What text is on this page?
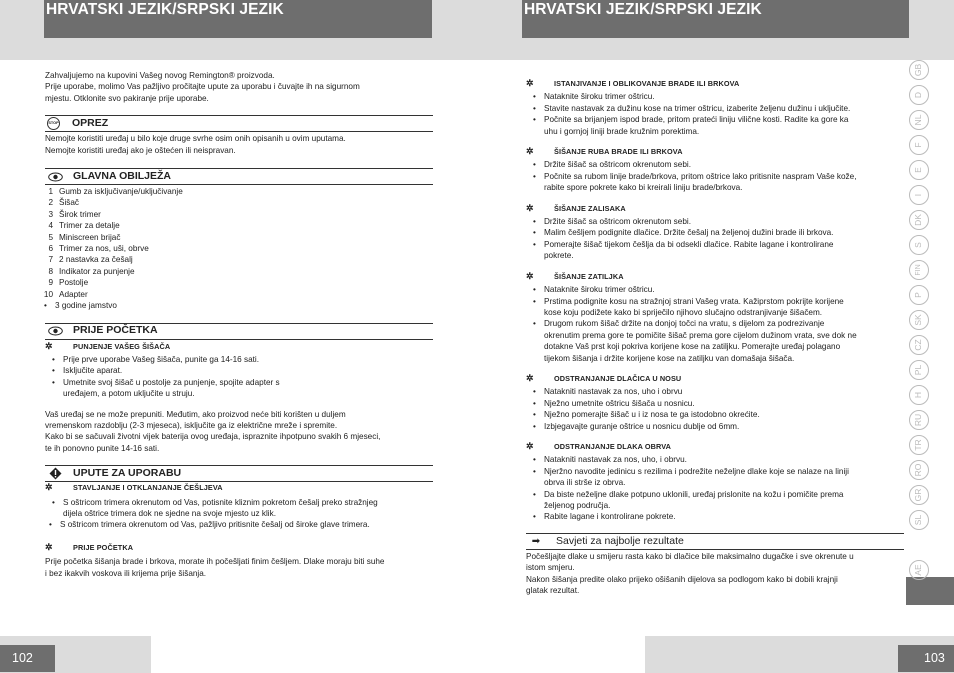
HRVATSKI JEZIK/SRPSKI JEZIK

Zahvaljujemo na kupovini Vašeg novog Remington® proizvoda.

Prije uporabe, molimo Vas pažljivo pročitajte upute za uporabu i čuvajte ih na sigurnom

mjestu. Otklonite svo pakiranje prije uporabe.

STOP OPREZ

Nemojte koristiti uređaj u bilo koje druge svrhe osim onih opisanih u ovim uputama.

Nemojte koristiti uređaj ako je oštećen ili neispravan.

GLAVNA OBILJEŽA
1 Gumb za isključivanje/uključivanje
2 Šišač
3 Širok trimer
4 Trimer za detalje
5 Miniscreen brijač
6 Trimer za nos, uši, obrve
7 2 nastavka za češalj
8 Indikator za punjenje
9 Postolje
10 Adapter
• 3 godine jamstvo
PRIJE POČETKA
✲	PUNJENJE VAŠEG ŠIŠAČA
• Prije prve uporabe Vašeg šišača, punite ga 14-16 sati.
• Isključite aparat.
• Umetnite svoj šišač u postolje za punjenje, spojite adapter s

uređajem, a potom uključite u struju.

Vaš uređaj se ne može prepuniti. Međutim, ako proizvod neće biti korišten u duljem

vremenskom razdoblju (2-3 mjeseca), isključite ga iz električne mreže i spremite.

Kako bi se sačuvali životni vijek baterija ovog uređaja, ispraznite ihpotpuno svakih 6 mjeseci,

te ih ponovno punite 14-16 sati.

UPUTE ZA UPORABU
✲	STAVLJANJE I OTKLANJANJE ČEŠLJEVA
• S oštricom trimera okrenutom od Vas, potisnite kliznim pokretom češalj preko stražnjeg

dijela oštrice trimera dok ne sjedne na svoje mjesto uz klik.

• S oštricom trimera okrenutom od Vas, pažljivo pritisnite češalj od široke glave trimera.
✲	PRIJE POČETKA

Prije početka šišanja brade i brkova, morate ih počešljati finim češljem. Dlake moraju biti suhe

i bez ikakvih voskova ili krijema prije šišanja.

102
HRVATSKI JEZIK/SRPSKI JEZIK
✲	ISTANJIVANJE I OBLIKOVANJE BRADE ILI BRKOVA
• Nataknite široku trimer oštricu.
• Stavite nastavak za dužinu kose na trimer oštricu, izaberite željenu dužinu i uključite.
• Počnite sa brijanjem ispod brade, pritom prateći liniju vilične kosti. Radite ka gore ka
uhu i gornjoj liniji brade kružnim porektima.
✲	ŠIŠANJE RUBA BRADE ILI BRKOVA
• Držite šišač sa oštricom okrenutom sebi.
• Počnite sa rubom linije brade/brkova, pritom oštrice lako pritisnite naspram Vaše kože,
rabite spore pokrete kako bi kreirali liniju brade/brkova.
✲	ŠIŠANJE ZALISAKA
• Držite šišač sa oštricom okrenutom sebi.
• Malim češljem podignite dlačice. Držite češalj na željenoj dužini brade ili brkova.
• Pomerajte šišač tijekom češlja da bi odsekli dlačice. Rabite lagane i kontrolirane
pokrete.
✲	ŠIŠANJE ZATILJKA
• Nataknite široku trimer oštricu.
• Prstima podignite kosu na stražnjoj strani Vašeg vrata. Kažiprstom pokrijte korijene
kose koju podižete kako bi spriječilo njihovo slučajno odstranjivanje šišačem.
• Drugom rukom šišač držite na donjoj točci na vratu, s dijelom za podrezivanje
okrenutim prema gore te pomičite šišač prema gore cijelom dužinom vrata, sve dok ne
dotakne Vaš prst koji pokriva korijene kose na zatiljku. Pomerajte uređaj polagano
tijekom šišanja i držite korijene kose na zatiljku van domašaja šišača.
✲	ODSTRANJANJE DLAČICA U NOSU
• Natakniti nastavak za nos, uho i obrvu
• Nježno umetnite oštricu šišača u nosnicu.
• Nježno pomerajte šišač u i iz nosa te ga istodobno okrećite.
• Izbjegavajte guranje oštrice u nosnicu dublje od 6mm.
✲	ODSTRANJANJE DLAKA OBRVA
• Natakniti nastavak za nos, uho, i obrvu.
• Njeržno navodite jedinicu s rezilima i podrežite neželjne dlake koje se nalaze na liniji
obrva ili strše iz obrva.
• Da biste neželjne dlake potpuno uklonili, uređaj prislonite na kožu i pomičite prema
željenog područja.
• Rabite lagane i kontrolirane pokrete.
➡	Savjeti za najbolje rezultate

Počešljajte dlake u smijeru rasta kako bi dlačice bile maksimalno dugačke i sve okrenute u

istom smjeru.

Nakon šišanja predite olako prijeko ošišanih dijelova sa podlogom kako bi dobili krajnji

glatak rezultat.

GB
D
NL
F
E
I
DK
S
FIN
P
SK
CZ
PL
H
RU
TR
RO
GR
SL
HR/SRB
AE
103
